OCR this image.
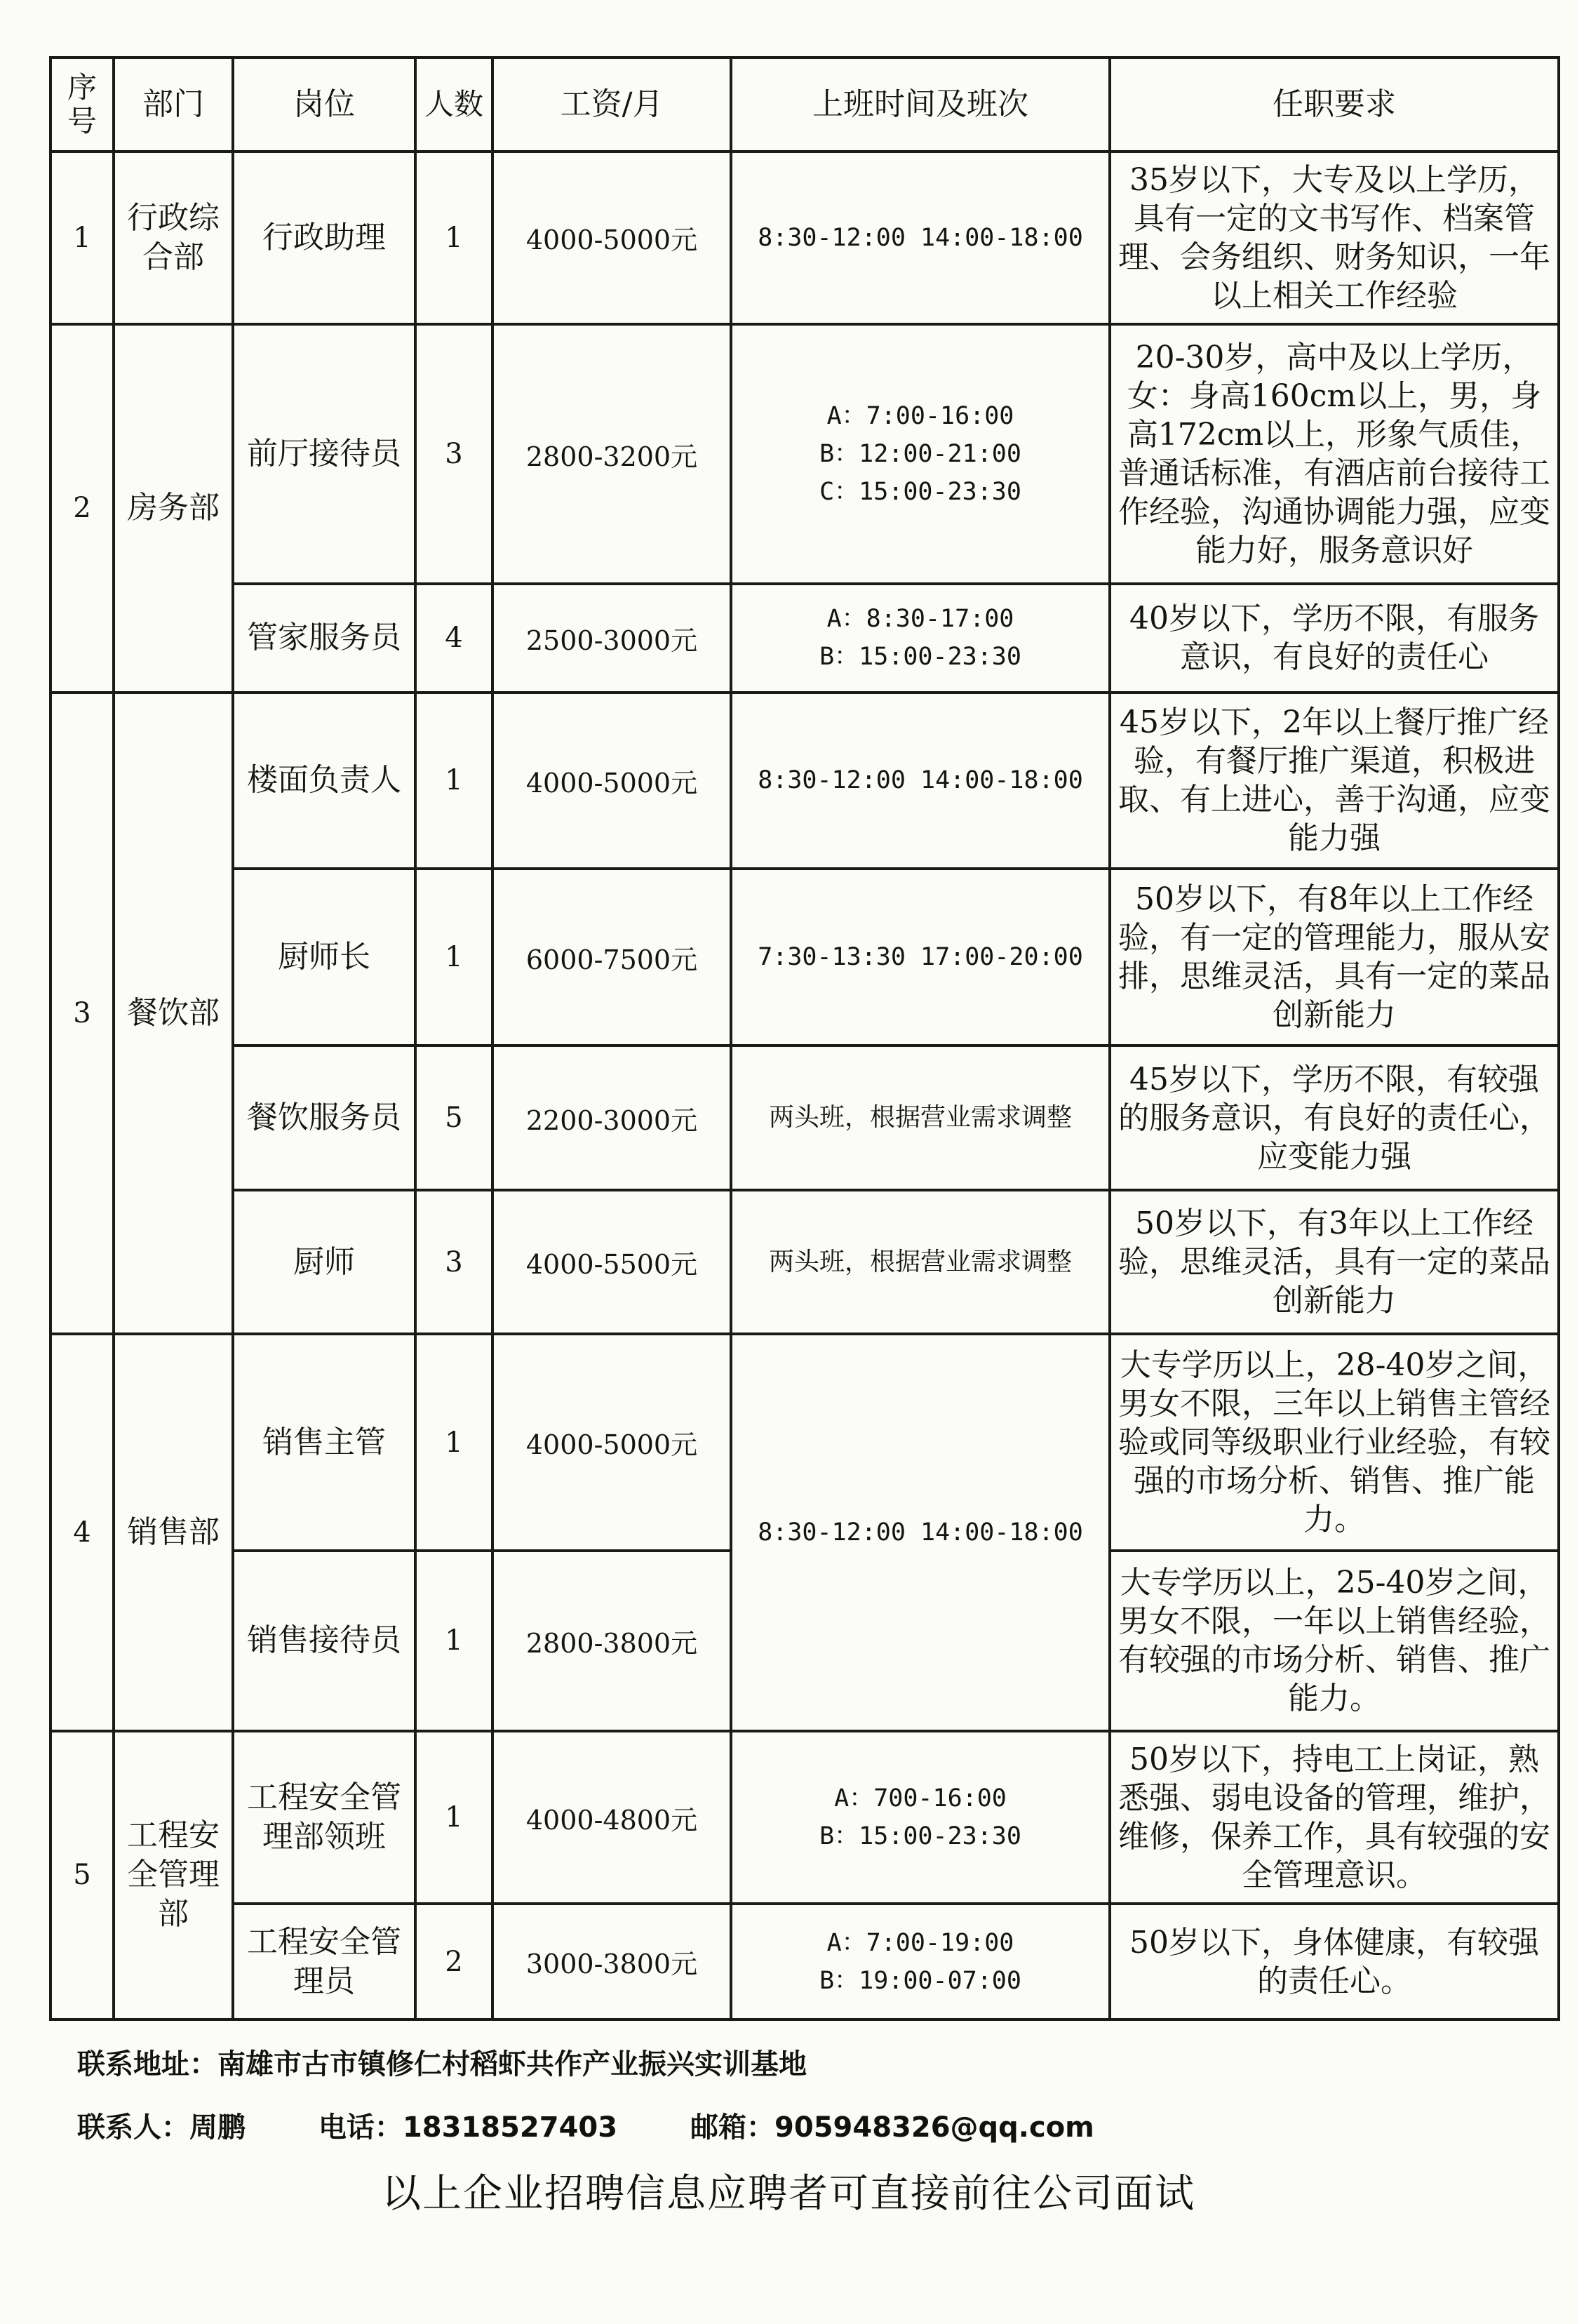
序号	部门	岗位	人数	工资/月	上班时间及班次	任职要求
1	行政综合部	行政助理	1	4000-5000元	8:30-12:00 14:00-18:00	35岁以下，大专及以上学历，具有一定的文书写作、档案管理、会务组织、财务知识，一年以上相关工作经验
2	房务部	前厅接待员	3	2800-3200元	A：7:00-16:00
B：12:00-21:00
C：15:00-23:30	20-30岁，高中及以上学历，女：身高160cm以上，男，身高172cm以上，形象气质佳，普通话标准，有酒店前台接待工作经验，沟通协调能力强，应变能力好，服务意识好
		管家服务员	4	2500-3000元	A：8:30-17:00
B：15:00-23:30	40岁以下，学历不限，有服务意识，有良好的责任心
3	餐饮部	楼面负责人	1	4000-5000元	8:30-12:00 14:00-18:00	45岁以下，2年以上餐厅推广经验，有餐厅推广渠道，积极进取、有上进心，善于沟通，应变能力强
		厨师长	1	6000-7500元	7:30-13:30 17:00-20:00	50岁以下，有8年以上工作经验，有一定的管理能力，服从安排，思维灵活，具有一定的菜品创新能力
		餐饮服务员	5	2200-3000元	两头班，根据营业需求调整	45岁以下，学历不限，有较强的服务意识，有良好的责任心，应变能力强
		厨师	3	4000-5500元	两头班，根据营业需求调整	50岁以下，有3年以上工作经验，思维灵活，具有一定的菜品创新能力
4	销售部	销售主管	1	4000-5000元	8:30-12:00 14:00-18:00	大专学历以上，28-40岁之间，男女不限，三年以上销售主管经验或同等级职业行业经验，有较强的市场分析、销售、推广能力。
		销售接待员	1	2800-3800元		大专学历以上，25-40岁之间，男女不限，一年以上销售经验，有较强的市场分析、销售、推广能力。
5	工程安全管理部	工程安全管理部领班	1	4000-4800元	A：700-16:00
B：15:00-23:30	50岁以下，持电工上岗证，熟悉强、弱电设备的管理，维护，维修，保养工作，具有较强的安全管理意识。
		工程安全管理员	2	3000-3800元	A：7:00-19:00
B：19:00-07:00	50岁以下，身体健康，有较强的责任心。
联系地址：南雄市古市镇修仁村稻虾共作产业振兴实训基地
联系人：周鹏	电话：18318527403	邮箱：905948326@qq.com
以上企业招聘信息应聘者可直接前往公司面试
